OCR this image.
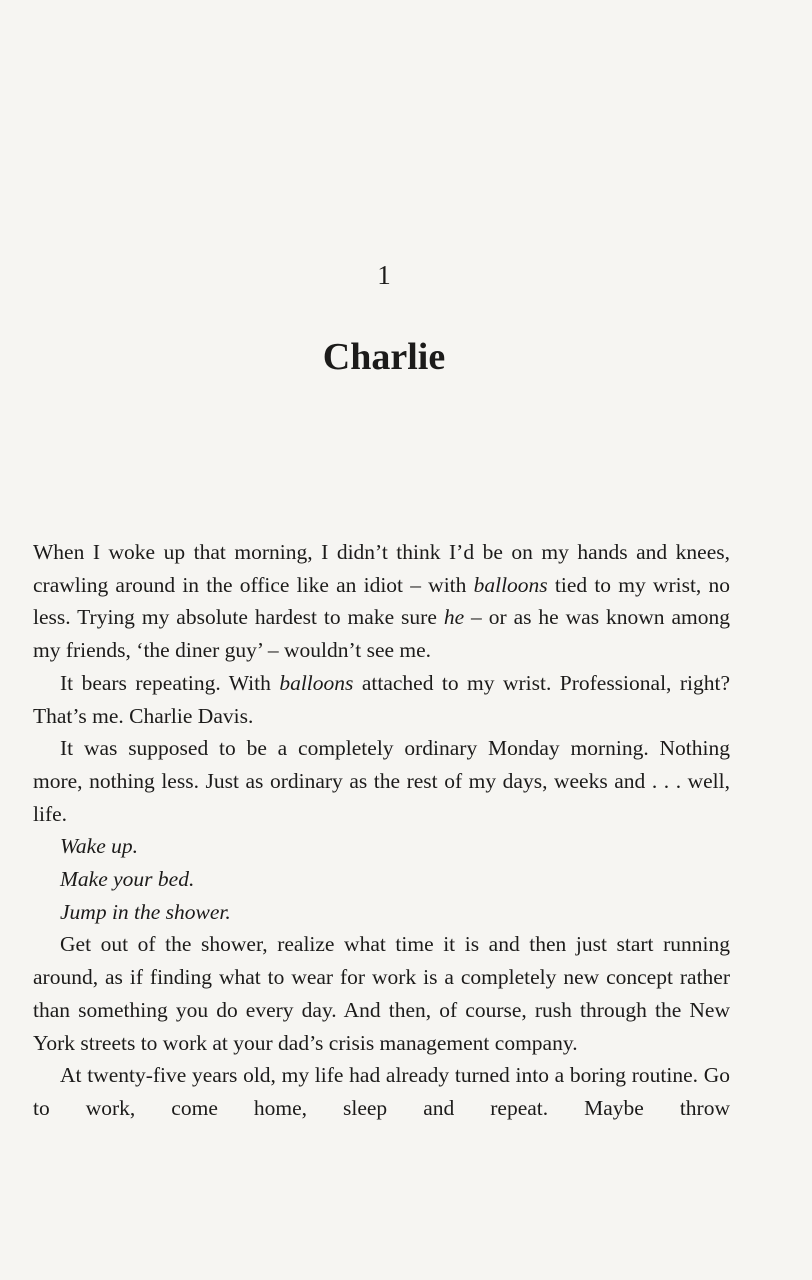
1
Charlie

When I woke up that morning, I didn’t think I’d be on my hands and knees, crawling around in the office like an idiot – with balloons tied to my wrist, no less. Trying my absolute hardest to make sure he – or as he was known among my friends, ‘the diner guy’ – wouldn’t see me.

It bears repeating. With balloons attached to my wrist. Professional, right? That’s me. Charlie Davis.

It was supposed to be a completely ordinary Monday morning. Nothing more, nothing less. Just as ordinary as the rest of my days, weeks and . . . well, life.

Wake up.

Make your bed.

Jump in the shower.

Get out of the shower, realize what time it is and then just start running around, as if finding what to wear for work is a completely new concept rather than something you do every day. And then, of course, rush through the New York streets to work at your dad’s crisis management company.

At twenty-five years old, my life had already turned into a boring routine. Go to work, come home, sleep and repeat. Maybe throw
